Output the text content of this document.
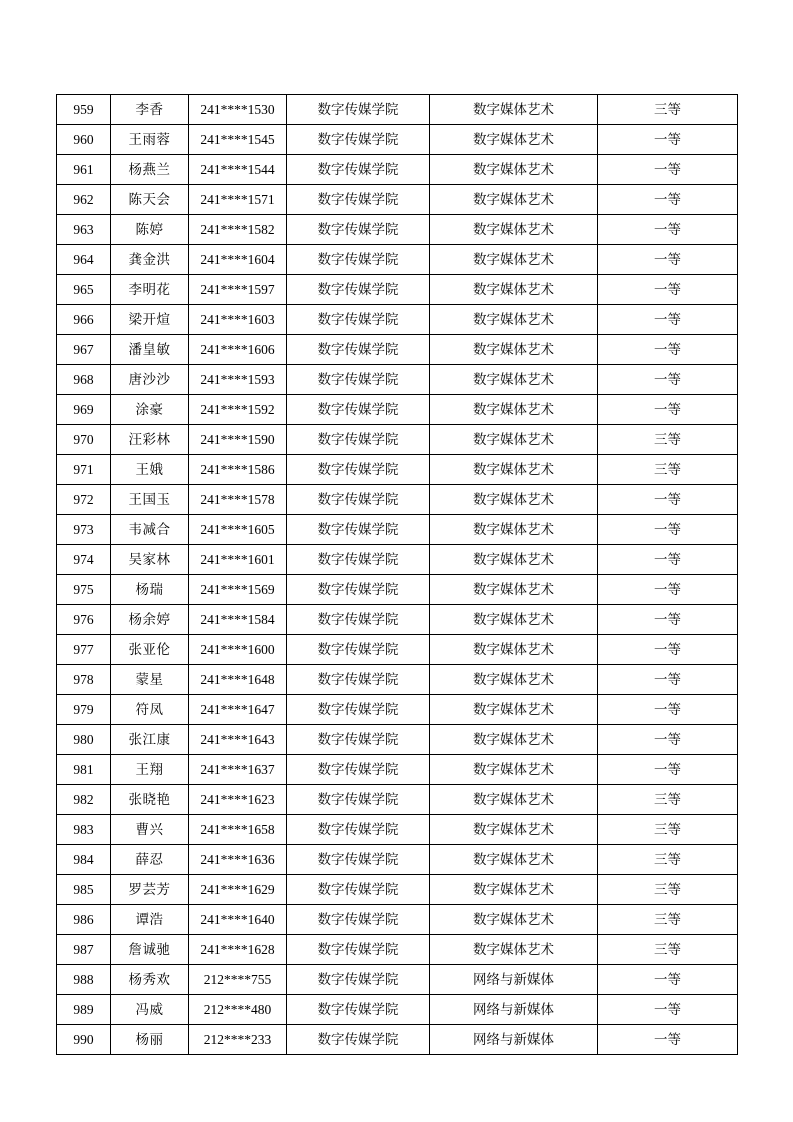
959	李香	241****1530	数字传媒学院	数字媒体艺术	三等
960	王雨蓉	241****1545	数字传媒学院	数字媒体艺术	一等
961	杨燕兰	241****1544	数字传媒学院	数字媒体艺术	一等
962	陈天会	241****1571	数字传媒学院	数字媒体艺术	一等
963	陈婷	241****1582	数字传媒学院	数字媒体艺术	一等
964	龚金洪	241****1604	数字传媒学院	数字媒体艺术	一等
965	李明花	241****1597	数字传媒学院	数字媒体艺术	一等
966	梁开煊	241****1603	数字传媒学院	数字媒体艺术	一等
967	潘皇敏	241****1606	数字传媒学院	数字媒体艺术	一等
968	唐沙沙	241****1593	数字传媒学院	数字媒体艺术	一等
969	涂豪	241****1592	数字传媒学院	数字媒体艺术	一等
970	汪彩林	241****1590	数字传媒学院	数字媒体艺术	三等
971	王娥	241****1586	数字传媒学院	数字媒体艺术	三等
972	王国玉	241****1578	数字传媒学院	数字媒体艺术	一等
973	韦减合	241****1605	数字传媒学院	数字媒体艺术	一等
974	吴家林	241****1601	数字传媒学院	数字媒体艺术	一等
975	杨瑞	241****1569	数字传媒学院	数字媒体艺术	一等
976	杨余婷	241****1584	数字传媒学院	数字媒体艺术	一等
977	张亚伦	241****1600	数字传媒学院	数字媒体艺术	一等
978	蒙星	241****1648	数字传媒学院	数字媒体艺术	一等
979	符凤	241****1647	数字传媒学院	数字媒体艺术	一等
980	张江康	241****1643	数字传媒学院	数字媒体艺术	一等
981	王翔	241****1637	数字传媒学院	数字媒体艺术	一等
982	张晓艳	241****1623	数字传媒学院	数字媒体艺术	三等
983	曹兴	241****1658	数字传媒学院	数字媒体艺术	三等
984	薛忍	241****1636	数字传媒学院	数字媒体艺术	三等
985	罗芸芳	241****1629	数字传媒学院	数字媒体艺术	三等
986	谭浩	241****1640	数字传媒学院	数字媒体艺术	三等
987	詹诚驰	241****1628	数字传媒学院	数字媒体艺术	三等
988	杨秀欢	212****755	数字传媒学院	网络与新媒体	一等
989	冯威	212****480	数字传媒学院	网络与新媒体	一等
990	杨丽	212****233	数字传媒学院	网络与新媒体	一等
